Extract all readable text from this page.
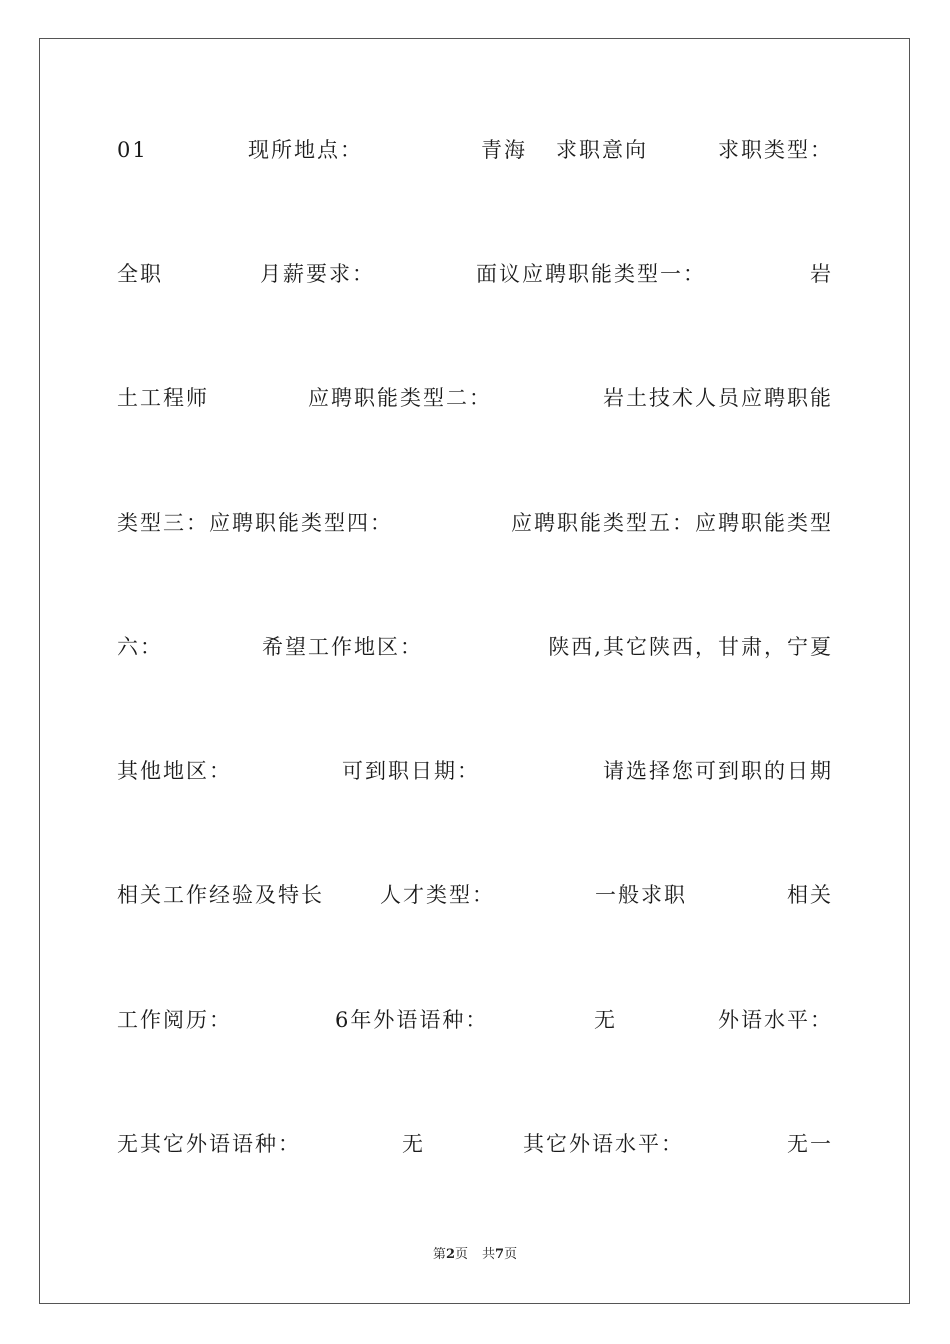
01	现所地点：	青海 求职意向	求职类型：
全职	月薪要求：	面议应聘职能类型一：	岩
土工程师	应聘职能类型二：	岩土技术人员应聘职能
类型三：应聘职能类型四：	应聘职能类型五：应聘职能类型
六：	希望工作地区：	陕西,其它陕西，甘肃，宁夏
其他地区：	可到职日期：	请选择您可到职的日期
相关工作经验及特长	人才类型：	一般求职	相关
工作阅历：	6年外语语种：	无	外语水平：
无其它外语语种：	无	其它外语水平：	无一
第2页 共7页
